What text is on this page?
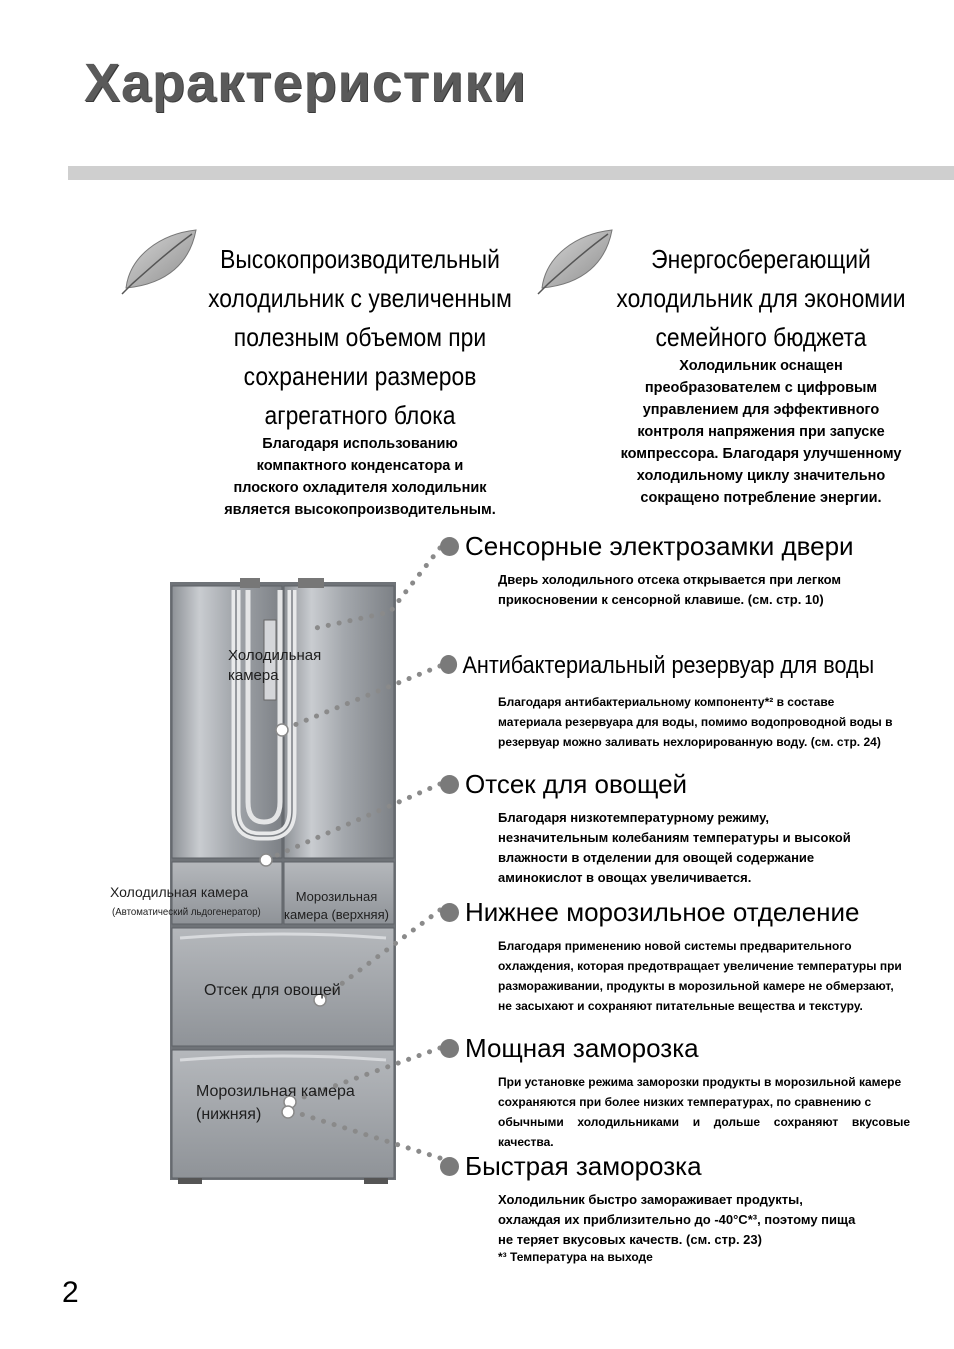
Характеристики
Высокопроизводительный
холодильник с увеличенным
полезным объемом при
сохранении размеров
агрегатного блока
Благодаря использованию
компактного конденсатора и
плоского охладителя холодильник
является высокопроизводительным.
Энергосберегающий
холодильник для экономии
семейного бюджета
Холодильник оснащен
преобразователем с цифровым
управлением для эффективного
контроля напряжения при запуске
компрессора. Благодаря улучшенному
холодильному циклу значительно
сокращено потребление энергии.
Холодильная
камера
Холодильная камера
(Автоматический льдогенератор)
Морозильная
камера (верхняя)
Отсек для овощей
Морозильная камера
(нижняя)
Сенсорные электрозамки двери
Дверь холодильного отсека открывается при легком
прикосновении к сенсорной клавише. (см. стр. 10)
Антибактериальный резервуар для воды
Благодаря антибактериальному компоненту*² в составе
материала резервуара для воды, помимо водопроводной воды в
резервуар можно заливать нехлорированную воду. (см. стр. 24)
Отсек для овощей
Благодаря низкотемпературному режиму,
незначительным колебаниям температуры и высокой
влажности в отделении для овощей содержание
аминокислот в овощах увеличивается.
Нижнее морозильное отделение
Благодаря применению новой системы предварительного
охлаждения, которая предотвращает увеличение температуры при
размораживании, продукты в морозильной камере не обмерзают,
не засыхают и сохраняют питательные вещества и текстуру.
Мощная заморозка
При установке режима заморозки продукты в морозильной камере
сохраняются при более низких температурах, по сравнению с
обычными холодильниками и дольше сохраняют вкусовые качества.
Быстрая заморозка
Холодильник быстро замораживает продукты,
охлаждая их приблизительно до -40°C*³, поэтому пища
не теряет вкусовых качеств. (см. стр. 23)
*³ Температура на выходе
2
